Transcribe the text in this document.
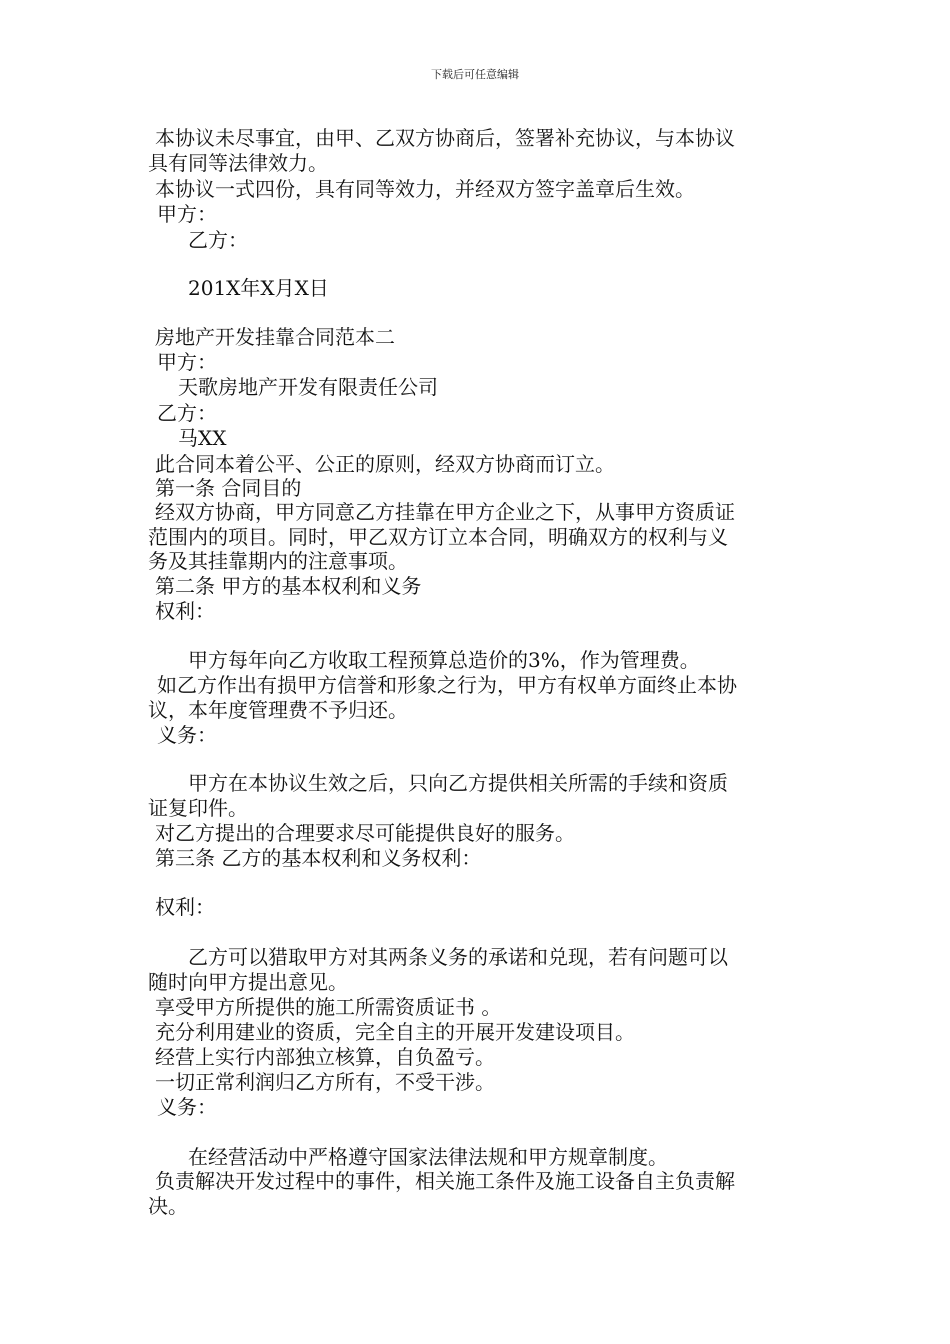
下载后可任意编辑
本协议未尽事宜，由甲、乙双方协商后，签署补充协议，与本协议
具有同等法律效力。
本协议一式四份，具有同等效力，并经双方签字盖章后生效。
甲方：
乙方：
201X年X月X日
房地产开发挂靠合同范本二
甲方：
天歌房地产开发有限责任公司
乙方：
马XX
此合同本着公平、公正的原则，经双方协商而订立。
第一条 合同目的
经双方协商，甲方同意乙方挂靠在甲方企业之下，从事甲方资质证
范围内的项目。同时，甲乙双方订立本合同，明确双方的权利与义
务及其挂靠期内的注意事项。
第二条 甲方的基本权利和义务
权利：
甲方每年向乙方收取工程预算总造价的3%，作为管理费。
如乙方作出有损甲方信誉和形象之行为，甲方有权单方面终止本协
议，本年度管理费不予归还。
义务：
甲方在本协议生效之后，只向乙方提供相关所需的手续和资质
证复印件。
对乙方提出的合理要求尽可能提供良好的服务。
第三条 乙方的基本权利和义务权利：
权利：
乙方可以猎取甲方对其两条义务的承诺和兑现，若有问题可以
随时向甲方提出意见。
享受甲方所提供的施工所需资质证书 。
充分利用建业的资质，完全自主的开展开发建设项目。
经营上实行内部独立核算，自负盈亏。
一切正常利润归乙方所有，不受干涉。
义务：
在经营活动中严格遵守国家法律法规和甲方规章制度。
负责解决开发过程中的事件，相关施工条件及施工设备自主负责解
决。
